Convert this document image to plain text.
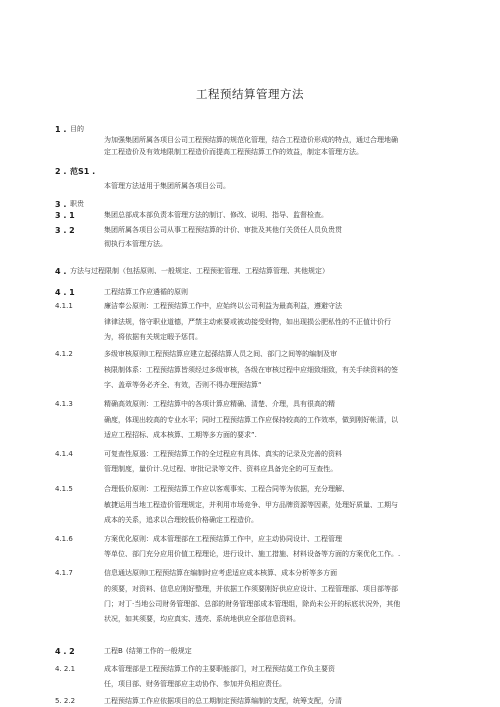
工程预结算管理方法
1 . 目的
为加强集团所属各项目公司工程预结算的规范化管理，结合工程造价形成的特点，通过合理地确
定工程造价及有效地限制工程造价而提高工程预结算工作的效益，制定本管理方法。
2 . 范S1 .
本管理方法适用于集团所属各项目公司。
3 . 职贵
3 . 1	集团总部成本部负责本管理方法的制订、修改、说明、指导、监督检查。
3 . 2	集团所属各项目公司从事工程预结算的计价、审批及其他仃关货任人员负贵贯
彻执行本管理方法。
4 . 方法与过程限制（包括原则、一般规定、工程预驼管理、工程结算管理、其他规定）
4 . 1	工程结算工作应遴循的原则
4.1.1	廉洁奉公原则：工程预结算工作中，应始终以公司利益为最高利益，遵避守法
律律法规，恪守职业道德，严禁主动索要或被动接受财物，如出现损公肥私性的不正值计价行
为，将依据有关规定暇予惩罚。
4.1.2	多级审核原则I工程预结算应建立起孫结算人员之间、部门之间等的编制及审
核限制体系：工程预结算皆须经过多级审核，各级在审核过程中应细致细致，有关手续资料的签
字、盖章等务必齐全、有效，否则不得办理预结算“
4.1.3	精确高效原则：工程结算中的各项计算应精确、清楚、介理，具有很高的精
确度，体现出较高的专业水平；同时工程预结算工作应保持较高的工作效率，做到刚好帐清，以
适应工程招标、成本核算、工期等多方面的要求”.
4.1.4	可复查性原遏：工程预结算工作的全过程应有具体、真实的记录及完善的资料
管理制度，量价计.兑过程、审批记录等文件、资料应具备完全的可互查性。
4.1.5	合理低价原则：工程预结算工作应以客观事实、工程合同等为依据，充分理解、
敏捷运用当地工程造价管理规定，并利用市场竞争、甲方品牌资源等因素，处理好质量、工期与
成本的关系，追求以合理较低价格确定工程造价。
4.1.6	方案优化原则：成本管理部在工程预结算工作中，应主动协同设计、工程管理
等单位、部门充分应用价值工程理论，进行设计、施工措施、材料设备等方面的方案优化工作。.
4.1.7	信息通达原则I工程预结算在编制时应考虑适应成本核算、成本分析等多方面
的须要，对资料、信息应刚好整理，并依据工作须要刚好供应应设计、工程管理部、项目部等部
门；对丁·当地公司财务管理部、总部的财务管理部成本管理组，除尚未公开的标底状况外，其他
状况，如其须要，均应真实、透亮、系统地供应全部信息资料。
4 . 2	工程B (结第工作的一般规定
4. 2.1	成本管理部是工程预结算工作的主要职能部门，对工程预结莫工作负主要资
任，项目部、财务管理部应主动协作、参加并负相应责任。
5. 2.2	工程预结算工作应依据项目的总工期制定预结算编制的支配，统筹支配，分清
